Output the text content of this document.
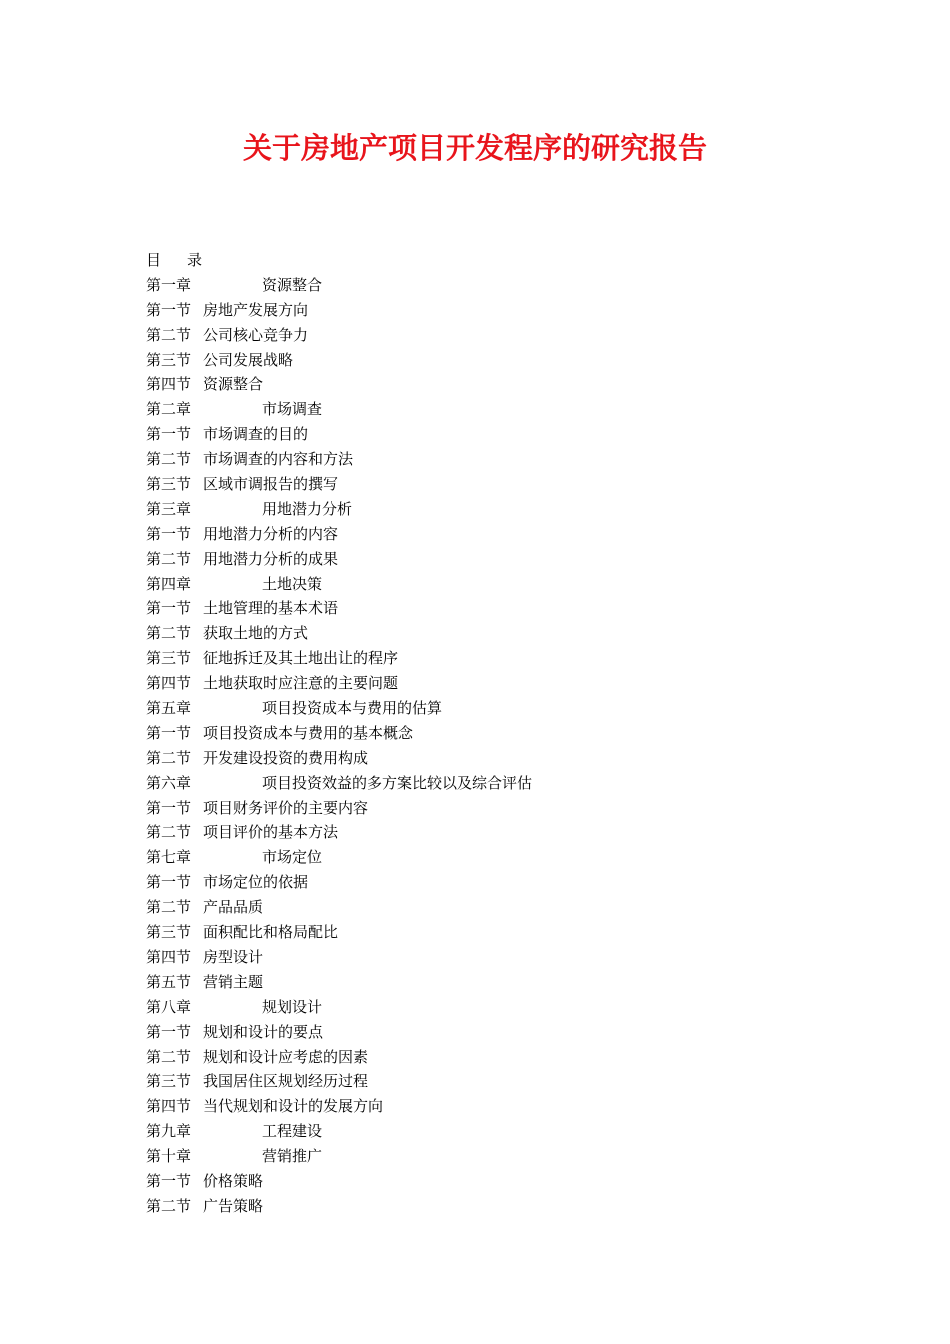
关于房地产项目开发程序的研究报告
目 录
第一章	资源整合
第一节 房地产发展方向
第二节 公司核心竞争力
第三节 公司发展战略
第四节 资源整合
第二章	市场调查
第一节 市场调查的目的
第二节 市场调查的内容和方法
第三节 区域市调报告的撰写
第三章	用地潜力分析
第一节 用地潜力分析的内容
第二节 用地潜力分析的成果
第四章	土地决策
第一节 土地管理的基本术语
第二节 获取土地的方式
第三节 征地拆迁及其土地出让的程序
第四节 土地获取时应注意的主要问题
第五章	项目投资成本与费用的估算
第一节 项目投资成本与费用的基本概念
第二节 开发建设投资的费用构成
第六章	项目投资效益的多方案比较以及综合评估
第一节 项目财务评价的主要内容
第二节 项目评价的基本方法
第七章	市场定位
第一节 市场定位的依据
第二节 产品品质
第三节 面积配比和格局配比
第四节 房型设计
第五节 营销主题
第八章	规划设计
第一节 规划和设计的要点
第二节 规划和设计应考虑的因素
第三节 我国居住区规划经历过程
第四节 当代规划和设计的发展方向
第九章	工程建设
第十章	营销推广
第一节 价格策略
第二节 广告策略
